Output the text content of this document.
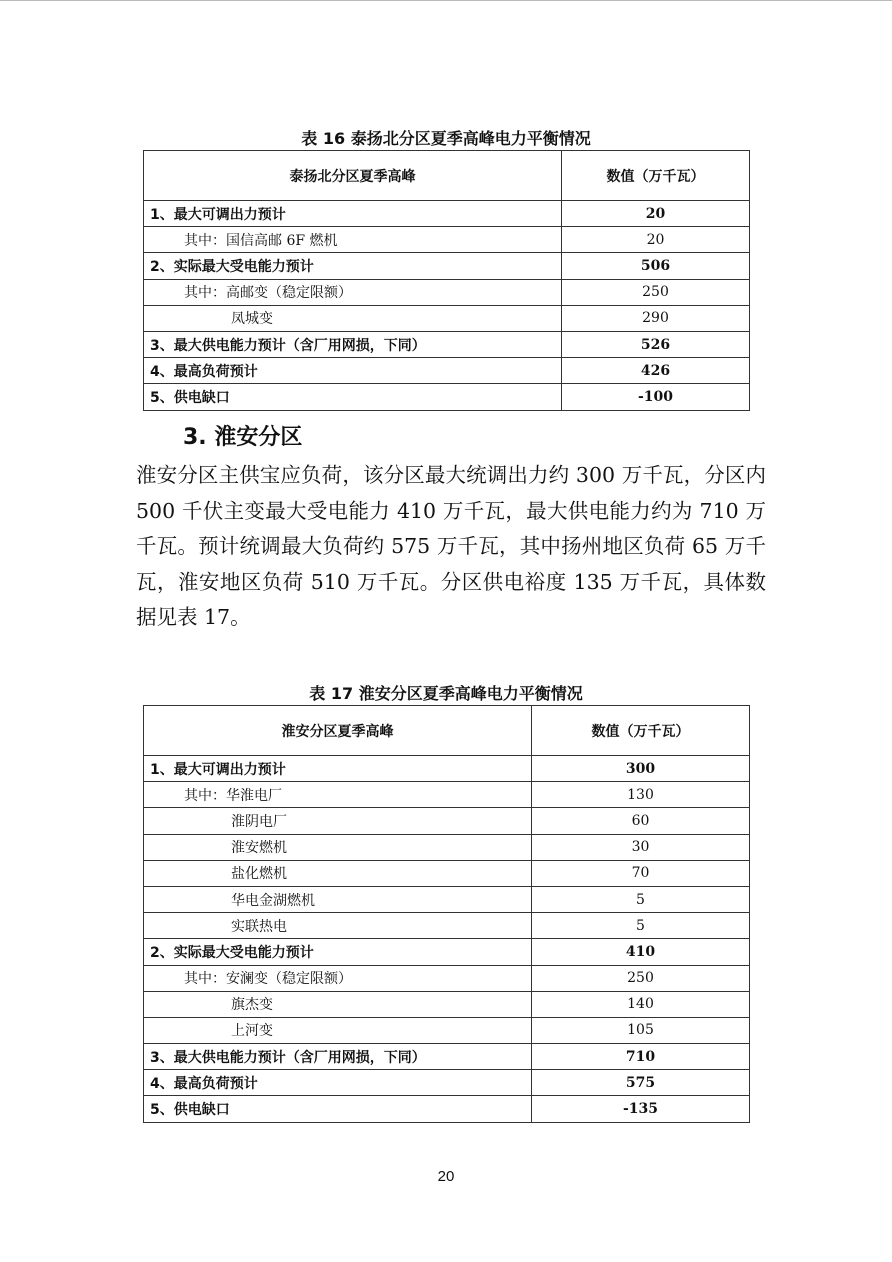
表 16 泰扬北分区夏季高峰电力平衡情况
泰扬北分区夏季高峰	数值（万千瓦）
1、最大可调出力预计	20
其中：国信高邮 6F 燃机	20
2、实际最大受电能力预计	506
其中：高邮变（稳定限额）	250
凤城变	290
3、最大供电能力预计（含厂用网损，下同）	526
4、最高负荷预计	426
5、供电缺口	-100
3. 淮安分区
淮安分区主供宝应负荷，该分区最大统调出力约 300 万千瓦，分区内 500 千伏主变最大受电能力 410 万千瓦，最大供电能力约为 710 万千瓦。预计统调最大负荷约 575 万千瓦，其中扬州地区负荷 65 万千瓦，淮安地区负荷 510 万千瓦。分区供电裕度 135 万千瓦，具体数据见表 17。
表 17 淮安分区夏季高峰电力平衡情况
淮安分区夏季高峰	数值（万千瓦）
1、最大可调出力预计	300
其中：华淮电厂	130
淮阴电厂	60
淮安燃机	30
盐化燃机	70
华电金湖燃机	5
实联热电	5
2、实际最大受电能力预计	410
其中：安澜变（稳定限额）	250
旗杰变	140
上河变	105
3、最大供电能力预计（含厂用网损，下同）	710
4、最高负荷预计	575
5、供电缺口	-135
20
